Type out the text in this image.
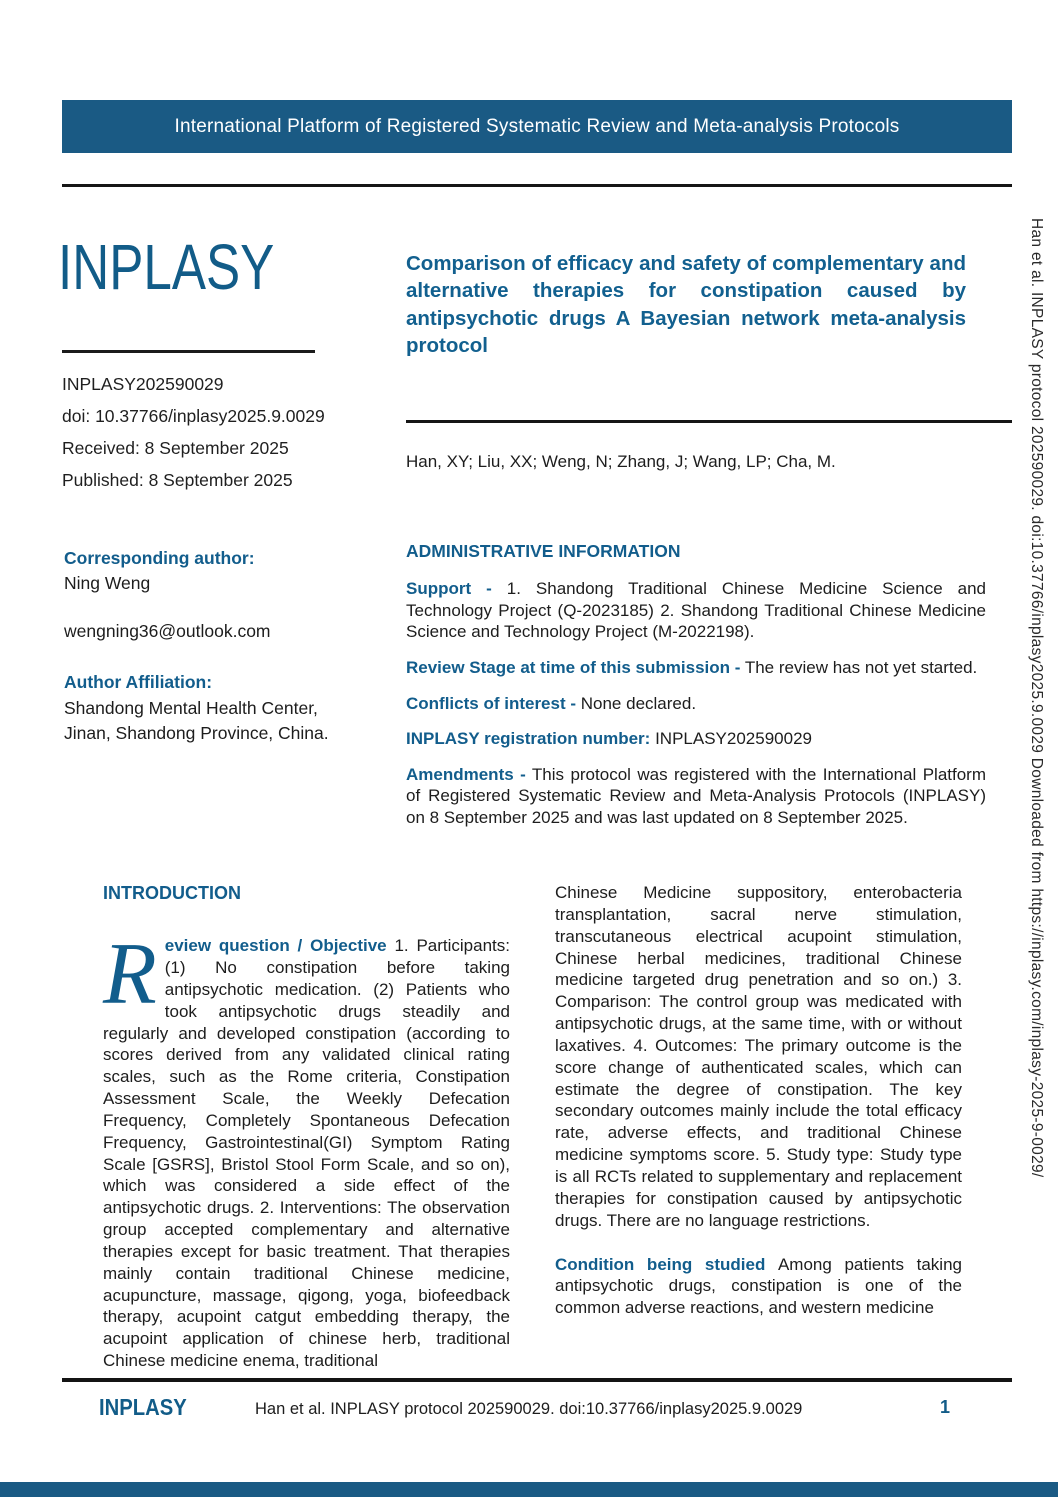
International Platform of Registered Systematic Review and Meta-analysis Protocols
INPLASY
INPLASY202590029
doi: 10.37766/inplasy2025.9.0029
Received: 8 September 2025
Published: 8 September 2025
Corresponding author:
Ning Weng
wengning36@outlook.com
Author Affiliation:
Shandong Mental Health Center,
Jinan, Shandong Province, China.
Comparison of efficacy and safety of complementary and alternative therapies for constipation caused by antipsychotic drugs A Bayesian network meta-analysis protocol
Han, XY; Liu, XX; Weng, N; Zhang, J; Wang, LP; Cha, M.
ADMINISTRATIVE INFORMATION

Support - 1. Shandong Traditional Chinese Medicine Science and Technology Project (Q-2023185) 2. Shandong Traditional Chinese Medicine Science and Technology Project (M-2022198).

Review Stage at time of this submission - The review has not yet started.

Conflicts of interest - None declared.

INPLASY registration number: INPLASY202590029

Amendments - This protocol was registered with the International Platform of Registered Systematic Review and Meta-Analysis Protocols (INPLASY) on 8 September 2025 and was last updated on 8 September 2025.

INTRODUCTION

Review question / Objective 1. Participants: (1) No constipation before taking antipsychotic medication. (2) Patients who took antipsychotic drugs steadily and regularly and developed constipation (according to scores derived from any validated clinical rating scales, such as the Rome criteria, Constipation Assessment Scale, the Weekly Defecation Frequency, Completely Spontaneous Defecation Frequency, Gastrointestinal(GI) Symptom Rating Scale [GSRS], Bristol Stool Form Scale, and so on), which was considered a side effect of the antipsychotic drugs. 2. Interventions: The observation group accepted complementary and alternative therapies except for basic treatment. That therapies mainly contain traditional Chinese medicine, acupuncture, massage, qigong, yoga, biofeedback therapy, acupoint catgut embedding therapy, the acupoint application of chinese herb, traditional Chinese medicine enema, traditional

Chinese Medicine suppository, enterobacteria transplantation, sacral nerve stimulation, transcutaneous electrical acupoint stimulation, Chinese herbal medicines, traditional Chinese medicine targeted drug penetration and so on.) 3. Comparison: The control group was medicated with antipsychotic drugs, at the same time, with or without laxatives. 4. Outcomes: The primary outcome is the score change of authenticated scales, which can estimate the degree of constipation. The key secondary outcomes mainly include the total efficacy rate, adverse effects, and traditional Chinese medicine symptoms score. 5. Study type: Study type is all RCTs related to supplementary and replacement therapies for constipation caused by antipsychotic drugs. There are no language restrictions.

Condition being studied Among patients taking antipsychotic drugs, constipation is one of the common adverse reactions, and western medicine

Han et al. INPLASY protocol 202590029. doi:10.37766/inplasy2025.9.0029 Downloaded from https://inplasy.com/inplasy-2025-9-0029/
INPLASY	Han et al. INPLASY protocol 202590029. doi:10.37766/inplasy2025.9.0029	1
